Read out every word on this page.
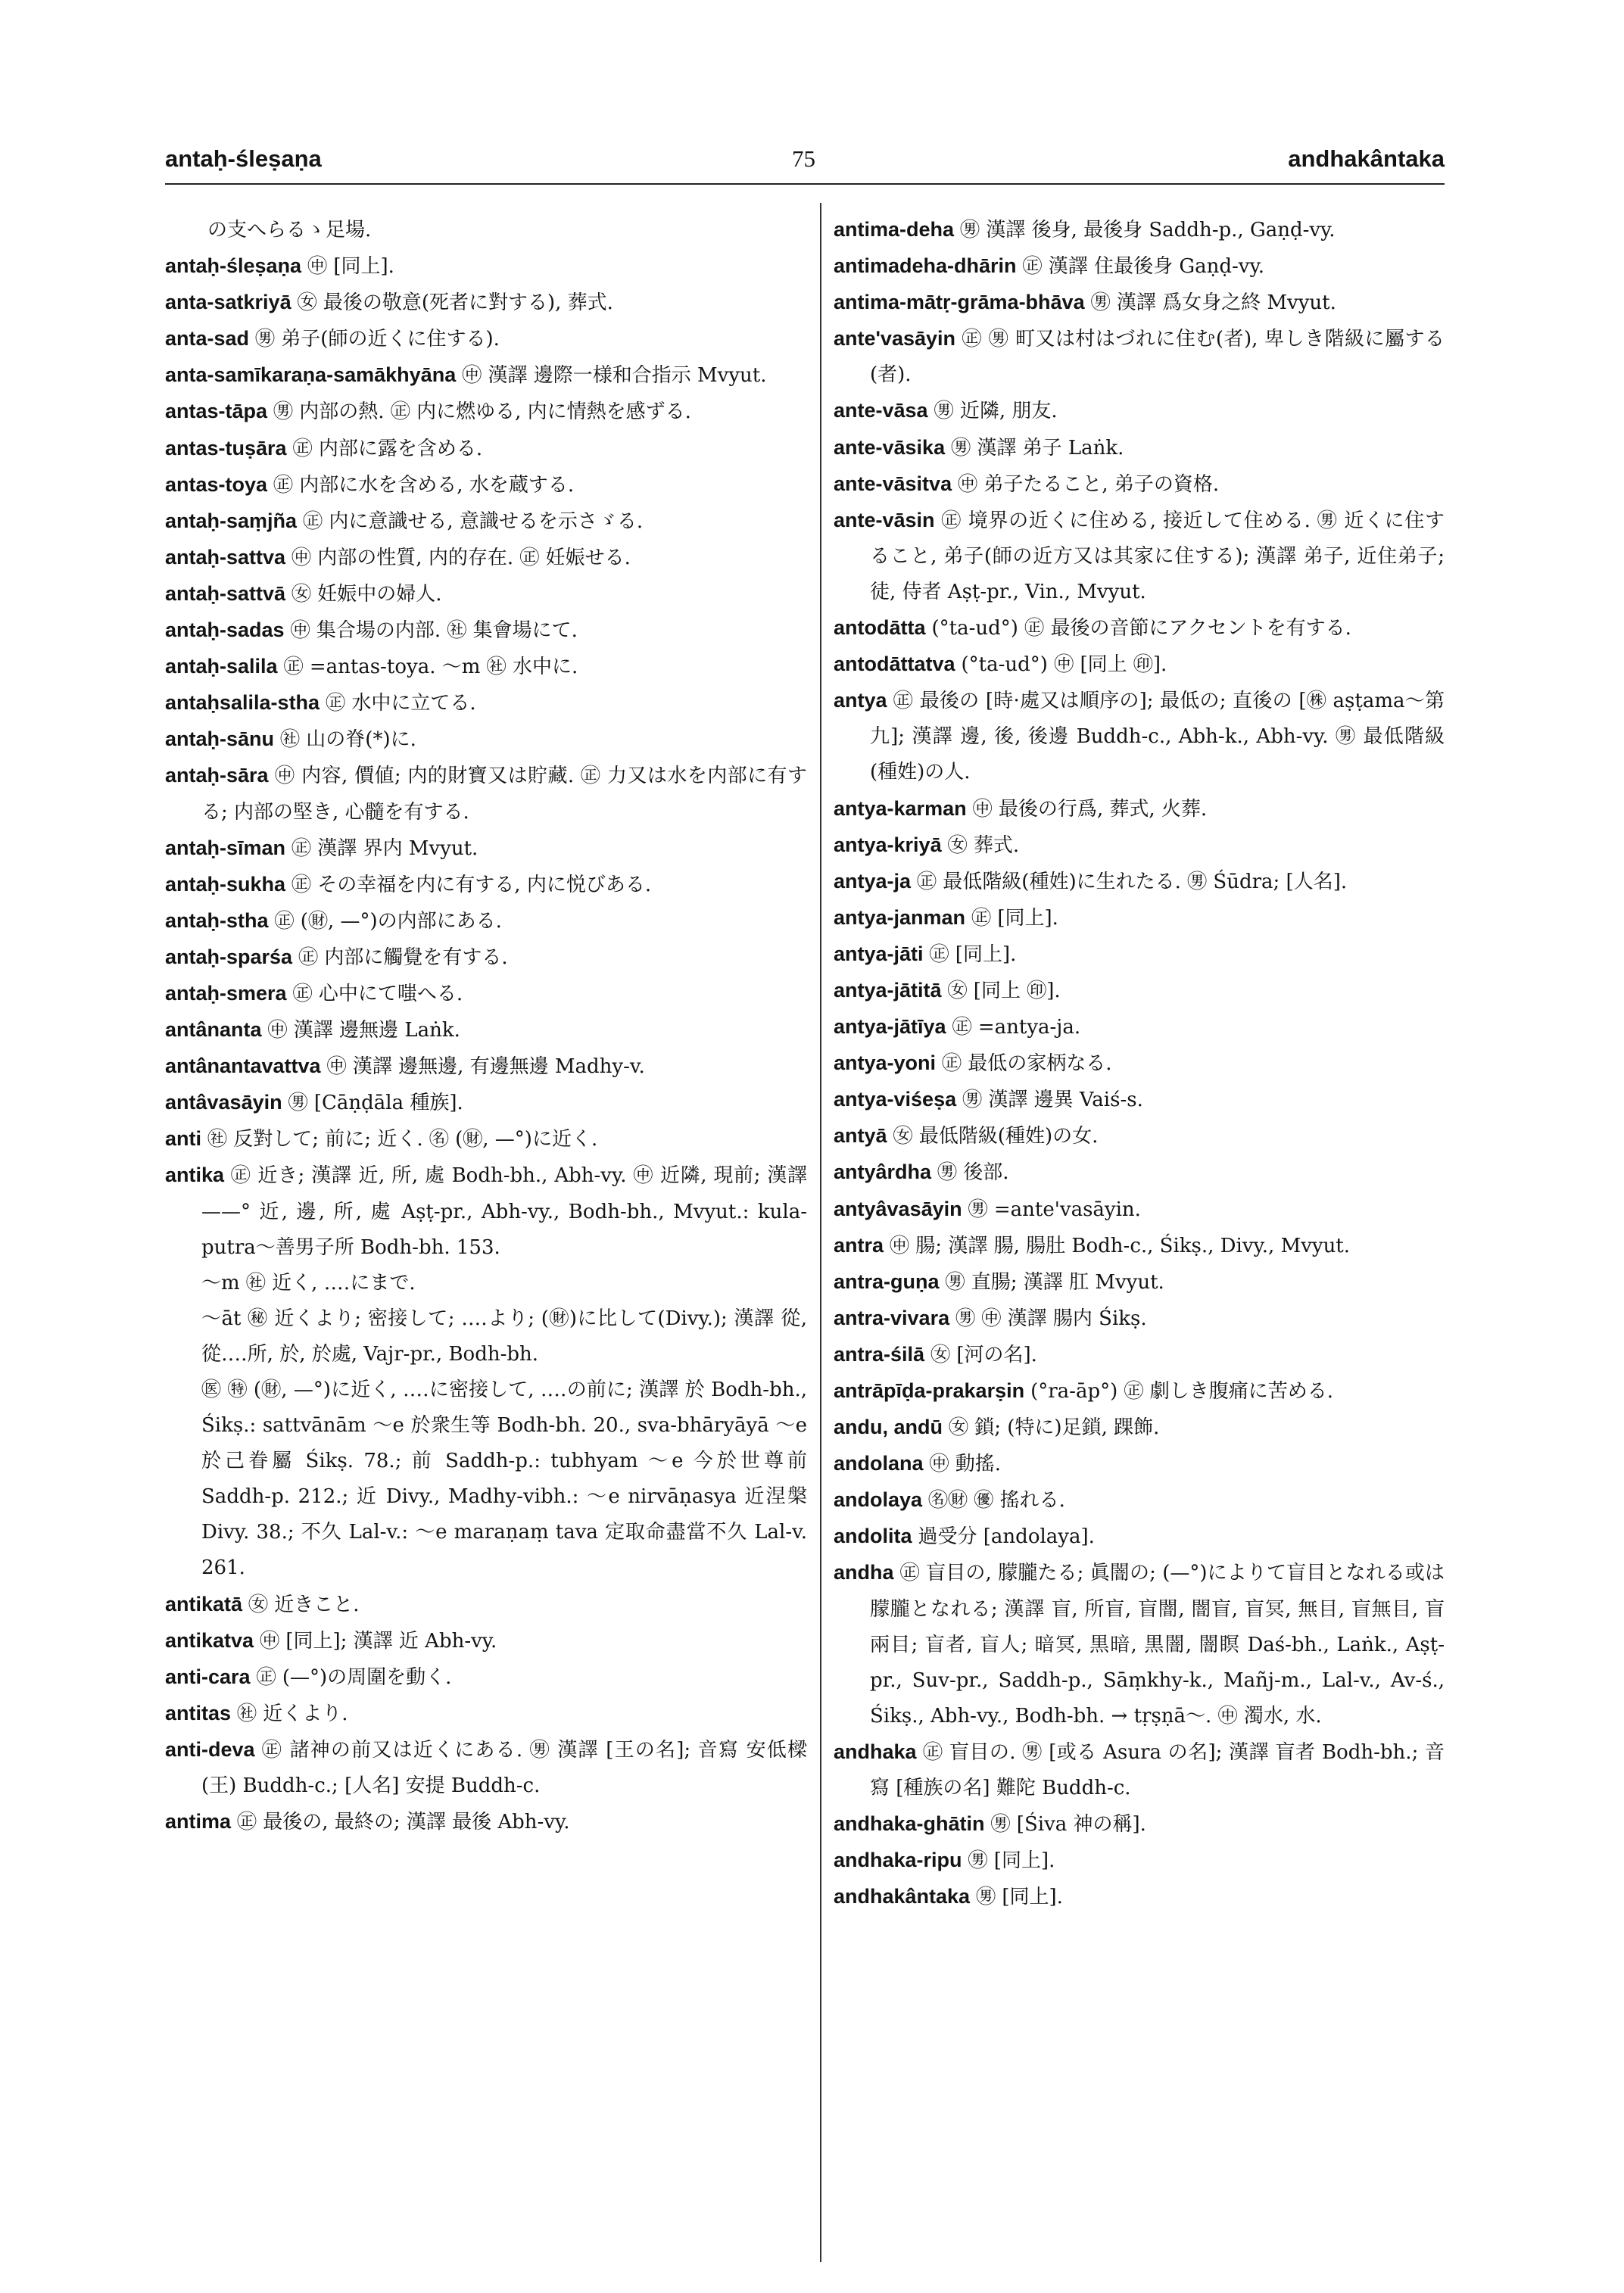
antaḥ-śleṣaṇa	75	andhakântaka
の支へらるゝ足場.
antaḥ-śleṣaṇa ㊥ [同上].
anta-satkriyā ㊛ 最後の敬意(死者に對する), 葬式.
anta-sad ㊚ 弟子(師の近くに住する).
anta-samīkaraṇa-samākhyāna ㊥ 漢譯 邊際一様和合指示 Mvyut.
antas-tāpa ㊚ 内部の熱. ㊣ 内に燃ゆる, 内に情熱を感ずる.
antas-tuṣāra ㊣ 内部に露を含める.
antas-toya ㊣ 内部に水を含める, 水を蔵する.
antaḥ-saṃjña ㊣ 内に意識せる, 意識せるを示さゞる.
antaḥ-sattva ㊥ 内部の性質, 内的存在. ㊣ 妊娠せる.
antaḥ-sattvā ㊛ 妊娠中の婦人.
antaḥ-sadas ㊥ 集合場の内部. ㊓ 集會場にて.
antaḥ-salila ㊣ =antas-toya. 〜m ㊓ 水中に.
antaḥsalila-stha ㊣ 水中に立てる.
antaḥ-sānu ㊓ 山の脊(*)に.
antaḥ-sāra ㊥ 内容, 價値; 内的財寶又は貯藏. ㊣ 力又は水を内部に有する; 内部の堅き, 心髓を有する.
antaḥ-sīman ㊣ 漢譯 界内 Mvyut.
antaḥ-sukha ㊣ その幸福を内に有する, 内に悦びある.
antaḥ-stha ㊣ (㊖, —°)の内部にある.
antaḥ-sparśa ㊣ 内部に觸覺を有する.
antaḥ-smera ㊣ 心中にて嗤へる.
antânanta ㊥ 漢譯 邊無邊 Laṅk.
antânantavattva ㊥ 漢譯 邊無邊, 有邊無邊 Madhy-v.
antâvasāyin ㊚ [Cāṇḍāla 種族].
anti ㊓ 反對して; 前に; 近く. ㊔ (㊖, —°)に近く.
antika ㊣ 近き; 漢譯 近, 所, 處 Bodh-bh., Abh-vy. ㊥ 近隣, 現前; 漢譯 ——° 近, 邊, 所, 處 Aṣṭ-pr., Abh-vy., Bodh-bh., Mvyut.: kula-putra〜善男子所 Bodh-bh. 153.
〜m ㊓ 近く, ‥‥にまで.
〜āt ㊙ 近くより; 密接して; ‥‥より; (㊖)に比して(Divy.); 漢譯 從, 從‥‥所, 於, 於處, Vajr-pr., Bodh-bh.
㊩ ㊕ (㊖, —°)に近く, ‥‥に密接して, ‥‥の前に; 漢譯 於 Bodh-bh., Śikṣ.: sattvānām 〜e 於衆生等 Bodh-bh. 20., sva-bhāryāyā 〜e 於己眷屬 Śikṣ. 78.; 前 Saddh-p.: tubhyam 〜e 今於世尊前 Saddh-p. 212.; 近 Divy., Madhy-vibh.: 〜e nirvāṇasya 近涅槃 Divy. 38.; 不久 Lal-v.: 〜e maraṇaṃ tava 定取命盡當不久 Lal-v. 261.
antikatā ㊛ 近きこと.
antikatva ㊥ [同上]; 漢譯 近 Abh-vy.
anti-cara ㊣ (—°)の周圍を動く.
antitas ㊓ 近くより.
anti-deva ㊣ 諸神の前又は近くにある. ㊚ 漢譯 [王の名]; 音寫 安低樑(王) Buddh-c.; [人名] 安提 Buddh-c.
antima ㊣ 最後の, 最終の; 漢譯 最後 Abh-vy.
antima-deha ㊚ 漢譯 後身, 最後身 Saddh-p., Gaṇḍ-vy.
antimadeha-dhārin ㊣ 漢譯 住最後身 Gaṇḍ-vy.
antima-mātṛ-grāma-bhāva ㊚ 漢譯 爲女身之終 Mvyut.
ante'vasāyin ㊣ ㊚ 町又は村はづれに住む(者), 卑しき階級に屬する(者).
ante-vāsa ㊚ 近隣, 朋友.
ante-vāsika ㊚ 漢譯 弟子 Laṅk.
ante-vāsitva ㊥ 弟子たること, 弟子の資格.
ante-vāsin ㊣ 境界の近くに住める, 接近して住める. ㊚ 近くに住すること, 弟子(師の近方又は其家に住する); 漢譯 弟子, 近住弟子; 徒, 侍者 Aṣṭ-pr., Vin., Mvyut.
antodātta (°ta-ud°) ㊣ 最後の音節にアクセントを有する.
antodāttatva (°ta-ud°) ㊥ [同上 ㊞].
antya ㊣ 最後の [時·處又は順序の]; 最低の; 直後の [㊑ aṣṭama〜第九]; 漢譯 邊, 後, 後邊 Buddh-c., Abh-k., Abh-vy. ㊚ 最低階級(種姓)の人.
antya-karman ㊥ 最後の行爲, 葬式, 火葬.
antya-kriyā ㊛ 葬式.
antya-ja ㊣ 最低階級(種姓)に生れたる. ㊚ Śūdra; [人名].
antya-janman ㊣ [同上].
antya-jāti ㊣ [同上].
antya-jātitā ㊛ [同上 ㊞].
antya-jātīya ㊣ =antya-ja.
antya-yoni ㊣ 最低の家柄なる.
antya-viśeṣa ㊚ 漢譯 邊異 Vaiś-s.
antyā ㊛ 最低階級(種姓)の女.
antyârdha ㊚ 後部.
antyâvasāyin ㊚ =ante'vasāyin.
antra ㊥ 腸; 漢譯 腸, 腸肚 Bodh-c., Śikṣ., Divy., Mvyut.
antra-guṇa ㊚ 直腸; 漢譯 肛 Mvyut.
antra-vivara ㊚ ㊥ 漢譯 腸内 Śikṣ.
antra-śilā ㊛ [河の名].
antrāpīḍa-prakarṣin (°ra-āp°) ㊣ 劇しき腹痛に苦める.
andu, andū ㊛ 鎖; (特に)足鎖, 踝飾.
andolana ㊥ 動搖.
andolaya ㊔㊖ ㊝ 搖れる.
andolita 過受分 [andolaya].
andha ㊣ 盲目の, 朦朧たる; 眞闇の; (—°)によりて盲目となれる或は朦朧となれる; 漢譯 盲, 所盲, 盲闇, 闇盲, 盲冥, 無目, 盲無目, 盲兩目; 盲者, 盲人; 暗冥, 黒暗, 黒闇, 闇瞑 Daś-bh., Laṅk., Aṣṭ-pr., Suv-pr., Saddh-p., Sāṃkhy-k., Mañj-m., Lal-v., Av-ś., Śikṣ., Abh-vy., Bodh-bh. → tṛṣṇā〜. ㊥ 濁水, 水.
andhaka ㊣ 盲目の. ㊚ [或る Asura の名]; 漢譯 盲者 Bodh-bh.; 音寫 [種族の名] 難陀 Buddh-c.
andhaka-ghātin ㊚ [Śiva 神の稱].
andhaka-ripu ㊚ [同上].
andhakântaka ㊚ [同上].
